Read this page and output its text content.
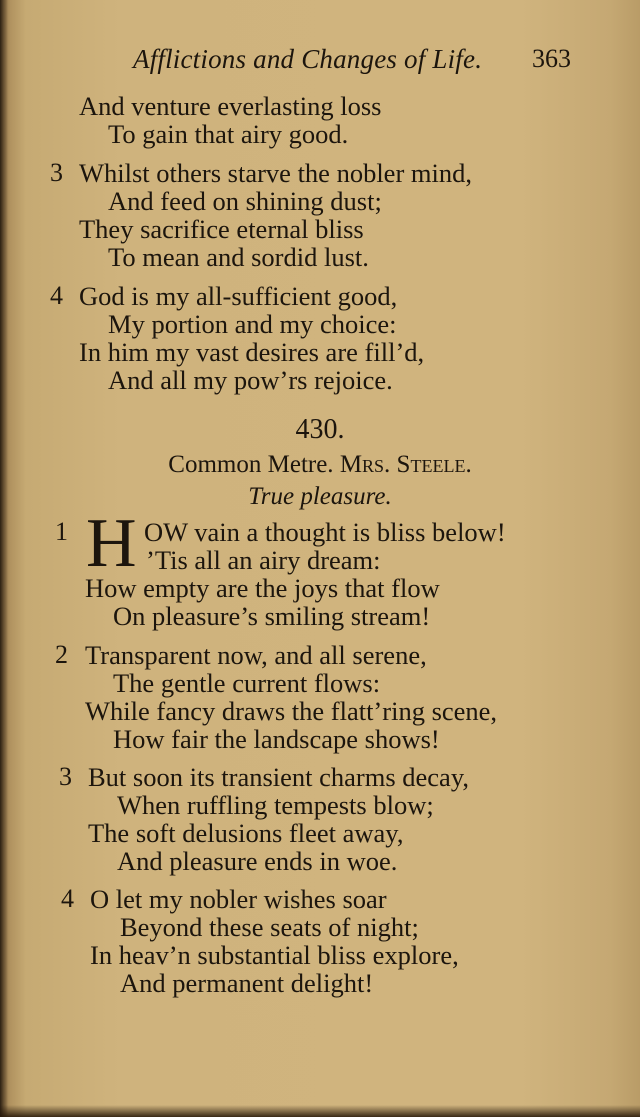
Afflictions and Changes of Life. 363
And venture everlasting loss
To gain that airy good.
3 Whilst others starve the nobler mind,
And feed on shining dust;
They sacrifice eternal bliss
To mean and sordid lust.
4 God is my all-sufficient good,
My portion and my choice:
In him my vast desires are fill’d,
And all my pow’rs rejoice.
430.
Common Metre. Mrs. Steele.
True pleasure.
1 H OW vain a thought is bliss below!
’Tis all an airy dream:
How empty are the joys that flow
On pleasure’s smiling stream!
2 Transparent now, and all serene,
The gentle current flows:
While fancy draws the flatt’ring scene,
How fair the landscape shows!
3 But soon its transient charms decay,
When ruffling tempests blow;
The soft delusions fleet away,
And pleasure ends in woe.
4 O let my nobler wishes soar
Beyond these seats of night;
In heav’n substantial bliss explore,
And permanent delight!
